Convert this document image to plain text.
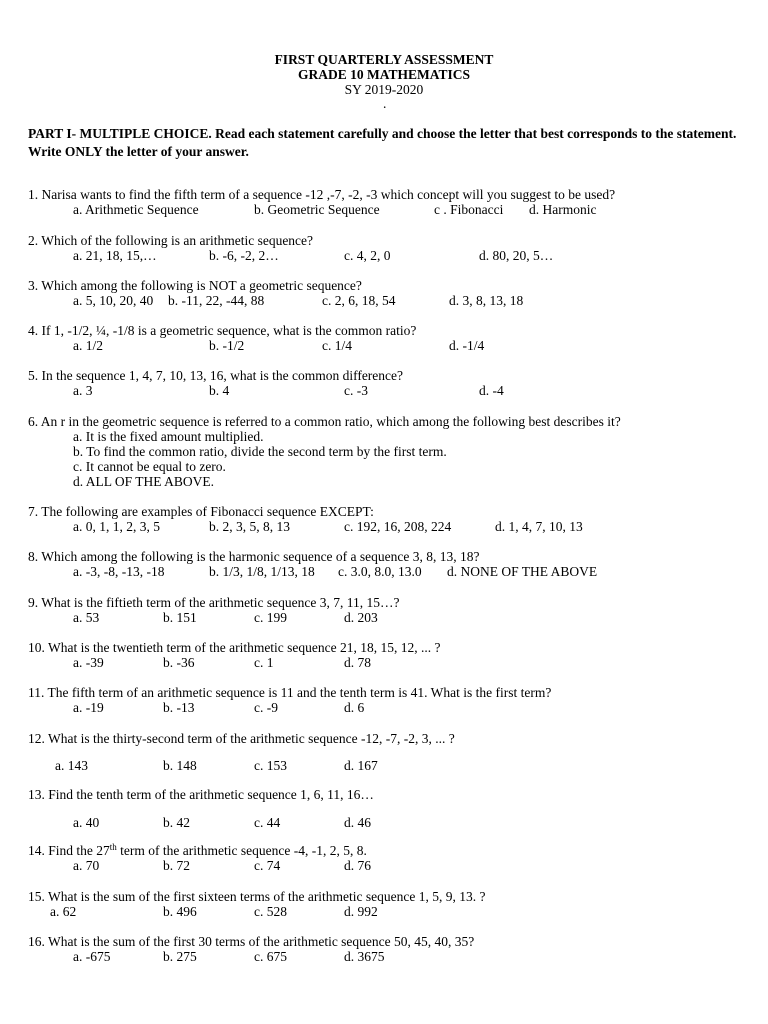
FIRST QUARTERLY ASSESSMENT
GRADE 10 MATHEMATICS
SY 2019-2020
.
PART I- MULTIPLE CHOICE. Read each statement carefully and choose the letter that best corresponds to the statement. Write ONLY the letter of your answer.
1. Narisa wants to find the fifth term of a sequence -12 ,-7, -2, -3 which concept will you suggest to be used?
a. Arithmetic Sequence	b. Geometric Sequence	c . Fibonacci d. Harmonic
2. Which of the following is an arithmetic sequence?
a. 21, 18, 15,…	b. -6, -2, 2…	c. 4, 2, 0	d. 80, 20, 5…
3. Which among the following is NOT a geometric sequence?
a. 5, 10, 20, 40 b. -11, 22, -44, 88	c. 2, 6, 18, 54	d. 3, 8, 13, 18
4. If 1, -1/2, ¼, -1/8 is a geometric sequence, what is the common ratio?
a. 1/2	b. -1/2	c. 1/4	d. -1/4
5. In the sequence 1, 4, 7, 10, 13, 16, what is the common difference?
a. 3	b. 4	c. -3	d. -4
6. An r in the geometric sequence is referred to a common ratio, which among the following best describes it?
a. It is the fixed amount multiplied.
b. To find the common ratio, divide the second term by the first term.
c. It cannot be equal to zero.
d. ALL OF THE ABOVE.
7. The following are examples of Fibonacci sequence EXCEPT:
a. 0, 1, 1, 2, 3, 5	b. 2, 3, 5, 8, 13	c. 192, 16, 208, 224	d. 1, 4, 7, 10, 13
8. Which among the following is the harmonic sequence of a sequence 3, 8, 13, 18?
a. -3, -8, -13, -18	b. 1/3, 1/8, 1/13, 18 c. 3.0, 8.0, 13.0 d. NONE OF THE ABOVE
9. What is the fiftieth term of the arithmetic sequence 3, 7, 11, 15…?
a. 53	b. 151	c. 199	d. 203
10. What is the twentieth term of the arithmetic sequence 21, 18, 15, 12, ... ?
a. -39	b. -36	c. 1	d. 78
11. The fifth term of an arithmetic sequence is 11 and the tenth term is 41. What is the first term?
a. -19	b. -13	c. -9	d. 6
12. What is the thirty-second term of the arithmetic sequence -12, -7, -2, 3, ... ?
a. 143	b. 148	c. 153	d. 167
13. Find the tenth term of the arithmetic sequence 1, 6, 11, 16…
a. 40	b. 42	c. 44	d. 46
14. Find the 27th term of the arithmetic sequence -4, -1, 2, 5, 8.
a. 70	b. 72	c. 74	d. 76
15. What is the sum of the first sixteen terms of the arithmetic sequence 1, 5, 9, 13. ?
a. 62	b. 496	c. 528	d. 992
16. What is the sum of the first 30 terms of the arithmetic sequence 50, 45, 40, 35?
a. -675	b. 275	c. 675	d. 3675
